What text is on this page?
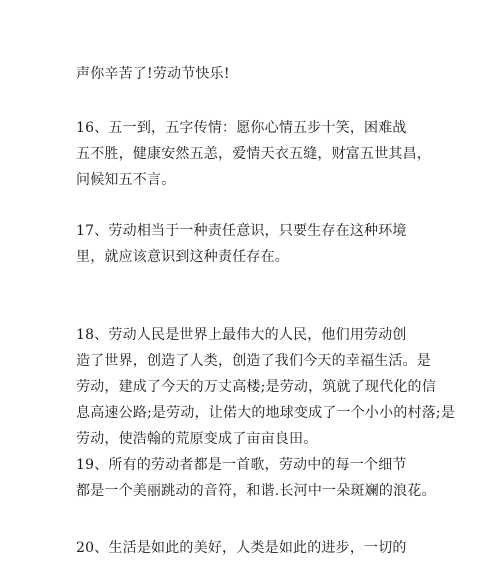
声你辛苦了!劳动节快乐!

16、五一到，五字传情：愿你心情五步十笑，困难战
五不胜，健康安然五恙，爱情天衣五缝，财富五世其昌，
问候知五不言。

17、劳动相当于一种责任意识，只要生存在这种环境
里，就应该意识到这种责任存在。

18、劳动人民是世界上最伟大的人民，他们用劳动创
造了世界，创造了人类，创造了我们今天的幸福生活。是
劳动，建成了今天的万丈高楼;是劳动，筑就了现代化的信
息高速公路;是劳动，让偌大的地球变成了一个小小的村落;是
劳动，使浩翰的荒原变成了亩亩良田。

19、所有的劳动者都是一首歌，劳动中的每一个细节
都是一个美丽跳动的音符，和谐.长河中一朵斑斓的浪花。

20、生活是如此的美好，人类是如此的进步，一切的
